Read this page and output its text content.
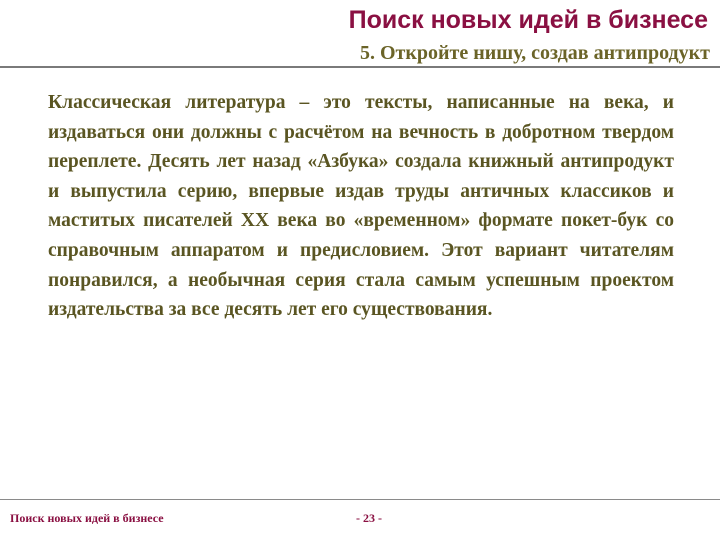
Поиск новых идей в бизнесе
5. Откройте нишу, создав антипродукт
Классическая литература – это тексты, написанные на века, и издаваться они должны с расчётом на вечность в добротном твердом переплете. Десять лет назад «Азбука» создала книжный антипродукт и выпустила серию, впервые издав труды античных классиков и маститых писателей XX века во «временном» формате покет-бук со справочным аппаратом и предисловием. Этот вариант читателям понравился, а необычная серия стала самым успешным проектом издательства за все десять лет его существования.
Поиск новых идей в бизнесе	- 23 -
